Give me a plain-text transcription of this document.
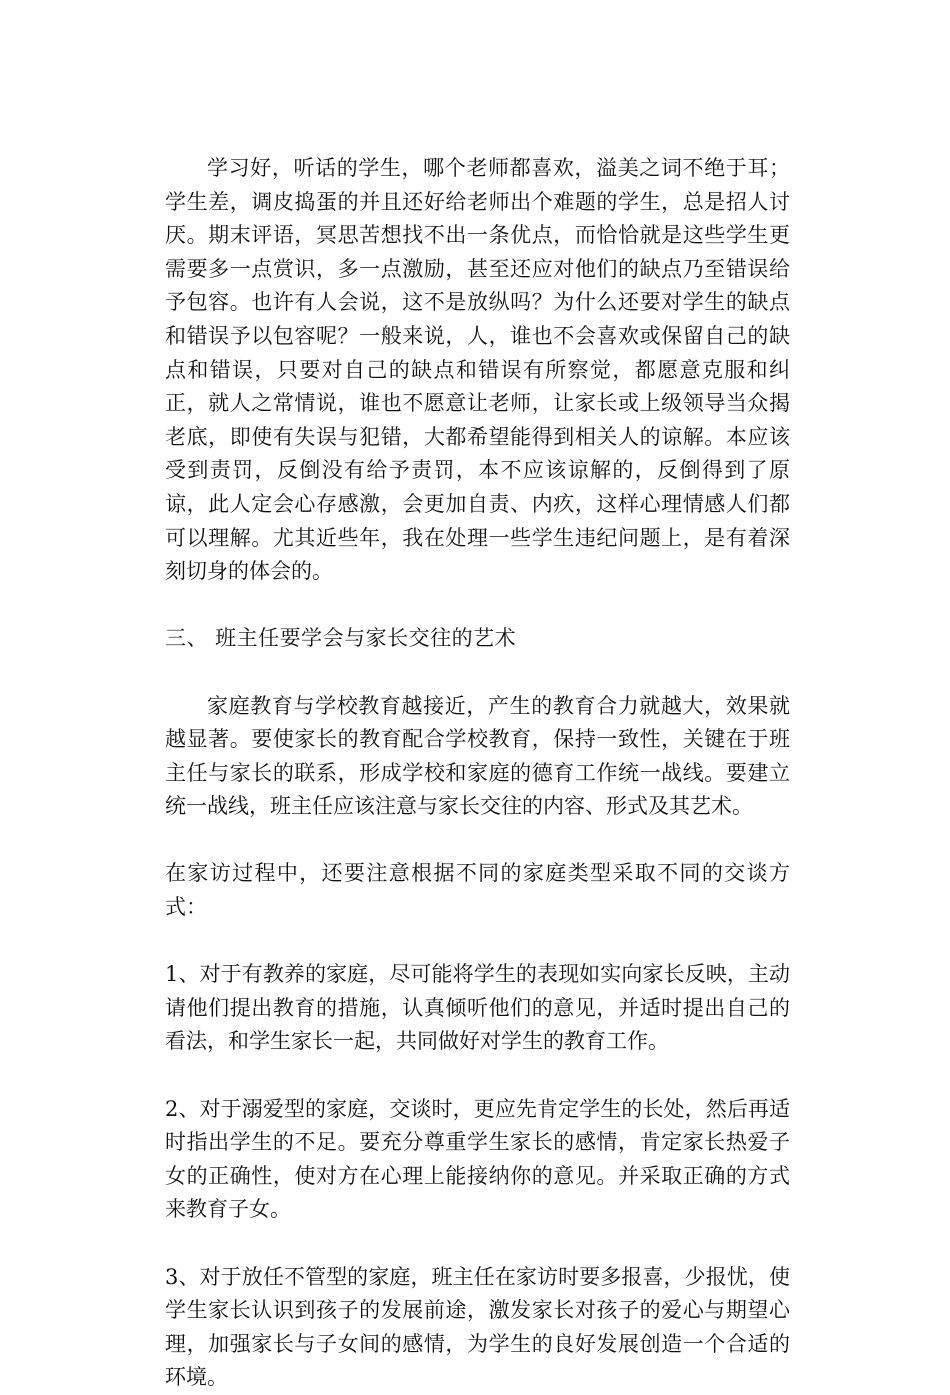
学习好，听话的学生，哪个老师都喜欢，溢美之词不绝于耳；学生差，调皮捣蛋的并且还好给老师出个难题的学生，总是招人讨厌。期末评语，冥思苦想找不出一条优点，而恰恰就是这些学生更需要多一点赏识，多一点激励，甚至还应对他们的缺点乃至错误给予包容。也许有人会说，这不是放纵吗？为什么还要对学生的缺点和错误予以包容呢？一般来说，人，谁也不会喜欢或保留自己的缺点和错误，只要对自己的缺点和错误有所察觉，都愿意克服和纠正，就人之常情说，谁也不愿意让老师，让家长或上级领导当众揭老底，即使有失误与犯错，大都希望能得到相关人的谅解。本应该受到责罚，反倒没有给予责罚，本不应该谅解的，反倒得到了原谅，此人定会心存感激，会更加自责、内疚，这样心理情感人们都可以理解。尤其近些年，我在处理一些学生违纪问题上，是有着深刻切身的体会的。

三、 班主任要学会与家长交往的艺术

家庭教育与学校教育越接近，产生的教育合力就越大，效果就越显著。要使家长的教育配合学校教育，保持一致性，关键在于班主任与家长的联系，形成学校和家庭的德育工作统一战线。要建立统一战线，班主任应该注意与家长交往的内容、形式及其艺术。

在家访过程中，还要注意根据不同的家庭类型采取不同的交谈方式：

1、对于有教养的家庭，尽可能将学生的表现如实向家长反映，主动请他们提出教育的措施，认真倾听他们的意见，并适时提出自己的看法，和学生家长一起，共同做好对学生的教育工作。

2、对于溺爱型的家庭，交谈时，更应先肯定学生的长处，然后再适时指出学生的不足。要充分尊重学生家长的感情，肯定家长热爱子女的正确性，使对方在心理上能接纳你的意见。并采取正确的方式来教育子女。

3、对于放任不管型的家庭，班主任在家访时要多报喜，少报忧，使学生家长认识到孩子的发展前途，激发家长对孩子的爱心与期望心理，加强家长与子女间的感情，为学生的良好发展创造一个合适的环境。
